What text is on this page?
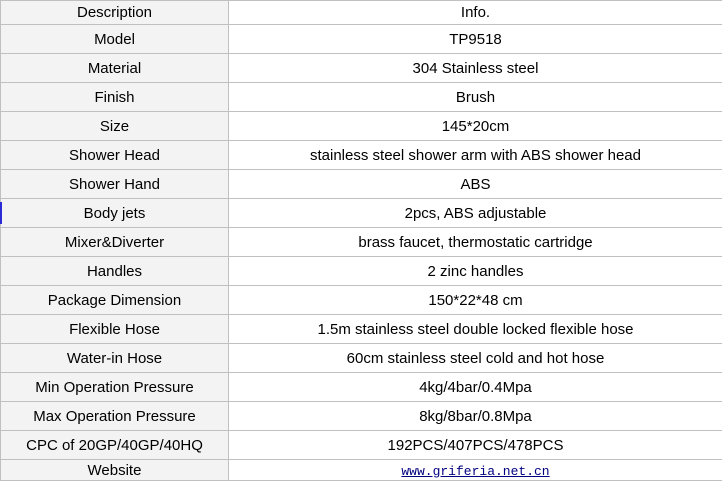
Description	Info.
Model	TP9518
Material	304 Stainless steel
Finish	Brush
Size	145*20cm
Shower Head	stainless steel shower arm with ABS shower head
Shower Hand	ABS
Body jets	2pcs, ABS adjustable
Mixer&Diverter	brass faucet, thermostatic cartridge
Handles	2 zinc handles
Package Dimension	150*22*48 cm
Flexible Hose	1.5m stainless steel double locked flexible hose
Water-in Hose	60cm stainless steel cold and hot hose
Min Operation Pressure	4kg/4bar/0.4Mpa
Max Operation Pressure	8kg/8bar/0.8Mpa
CPC of 20GP/40GP/40HQ	192PCS/407PCS/478PCS
Website	www.griferia.net.cn
